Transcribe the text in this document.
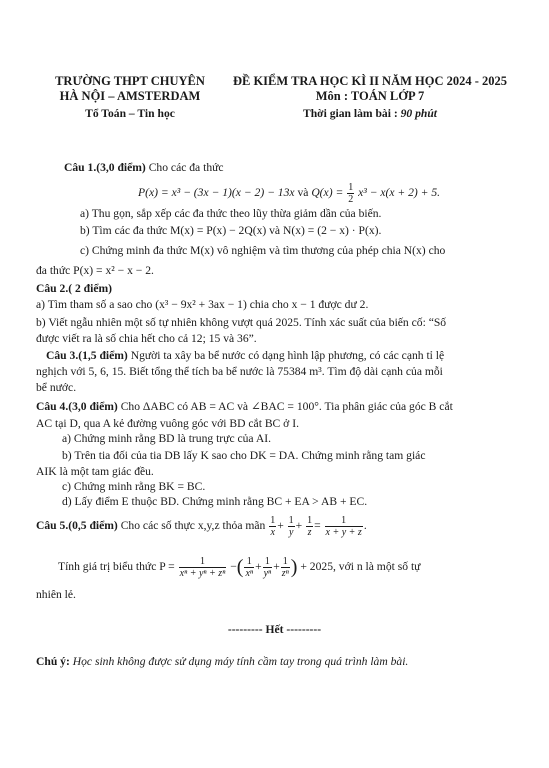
TRƯỜNG THPT CHUYÊN
HÀ NỘI – AMSTERDAM
Tổ Toán – Tin học
ĐỀ KIỂM TRA HỌC KÌ II NĂM HỌC 2024 - 2025
Môn : TOÁN LỚP 7
Thời gian làm bài : 90 phút
Câu 1.(3,0 điểm) Cho các đa thức
P(x) = x³ − (3x − 1)(x − 2) − 13x và $Q(x) = \frac{1}{2} x^3 - x(x + 2) + 5$.
a) Thu gọn, sắp xếp các đa thức theo lũy thừa giảm dần của biến.
b) Tìm các đa thức M(x) = P(x) − 2Q(x) và N(x) = (2 − x) · P(x).
c) Chứng minh đa thức M(x) vô nghiệm và tìm thương của phép chia N(x) cho
đa thức P(x) = x² − x − 2.
Câu 2.( 2 điểm)
a) Tìm tham số a sao cho (x³ − 9x² + 3ax − 1) chia cho x − 1 được dư 2.
b) Viết ngẫu nhiên một số tự nhiên không vượt quá 2025. Tính xác suất của biến cố: “Số
được viết ra là số chia hết cho cả 12; 15 và 36”.
Câu 3.(1,5 điểm) Người ta xây ba bể nước có dạng hình lập phương, có các cạnh tỉ lệ
nghịch với 5, 6, 15. Biết tổng thể tích ba bể nước là 75384 m³. Tìm độ dài cạnh của mỗi
bể nước.
Câu 4.(3,0 điểm) Cho ΔABC có AB = AC và ∠BAC = 100°. Tia phân giác của góc B cắt
AC tại D, qua A kẻ đường vuông góc với BD cắt BC ở I.
a) Chứng minh rằng BD là trung trực của AI.
b) Trên tia đối của tia DB lấy K sao cho DK = DA. Chứng minh rằng tam giác
AIK là một tam giác đều.
c) Chứng minh rằng BK = BC.
d) Lấy điểm E thuộc BD. Chứng minh rằng BC + EA > AB + EC.
Câu 5.(0,5 điểm) Cho các số thực x,y,z thỏa mãn $\frac{1}{x} + \frac{1}{y} + \frac{1}{z} = \frac{1}{x + y + z}$ .
Tính giá trị biểu thức $P = \frac{1}{\text{xⁿ + yⁿ + zⁿ}}$ −( $\frac{1}{\text{xⁿ}} + \frac{1}{\text{yⁿ}} + \frac{1}{\text{zⁿ}}$ ) + 2025, với n là một số tự
nhiên lẻ.
--------- Hết ---------
Chú ý: Học sinh không được sử dụng máy tính cầm tay trong quá trình làm bài.
